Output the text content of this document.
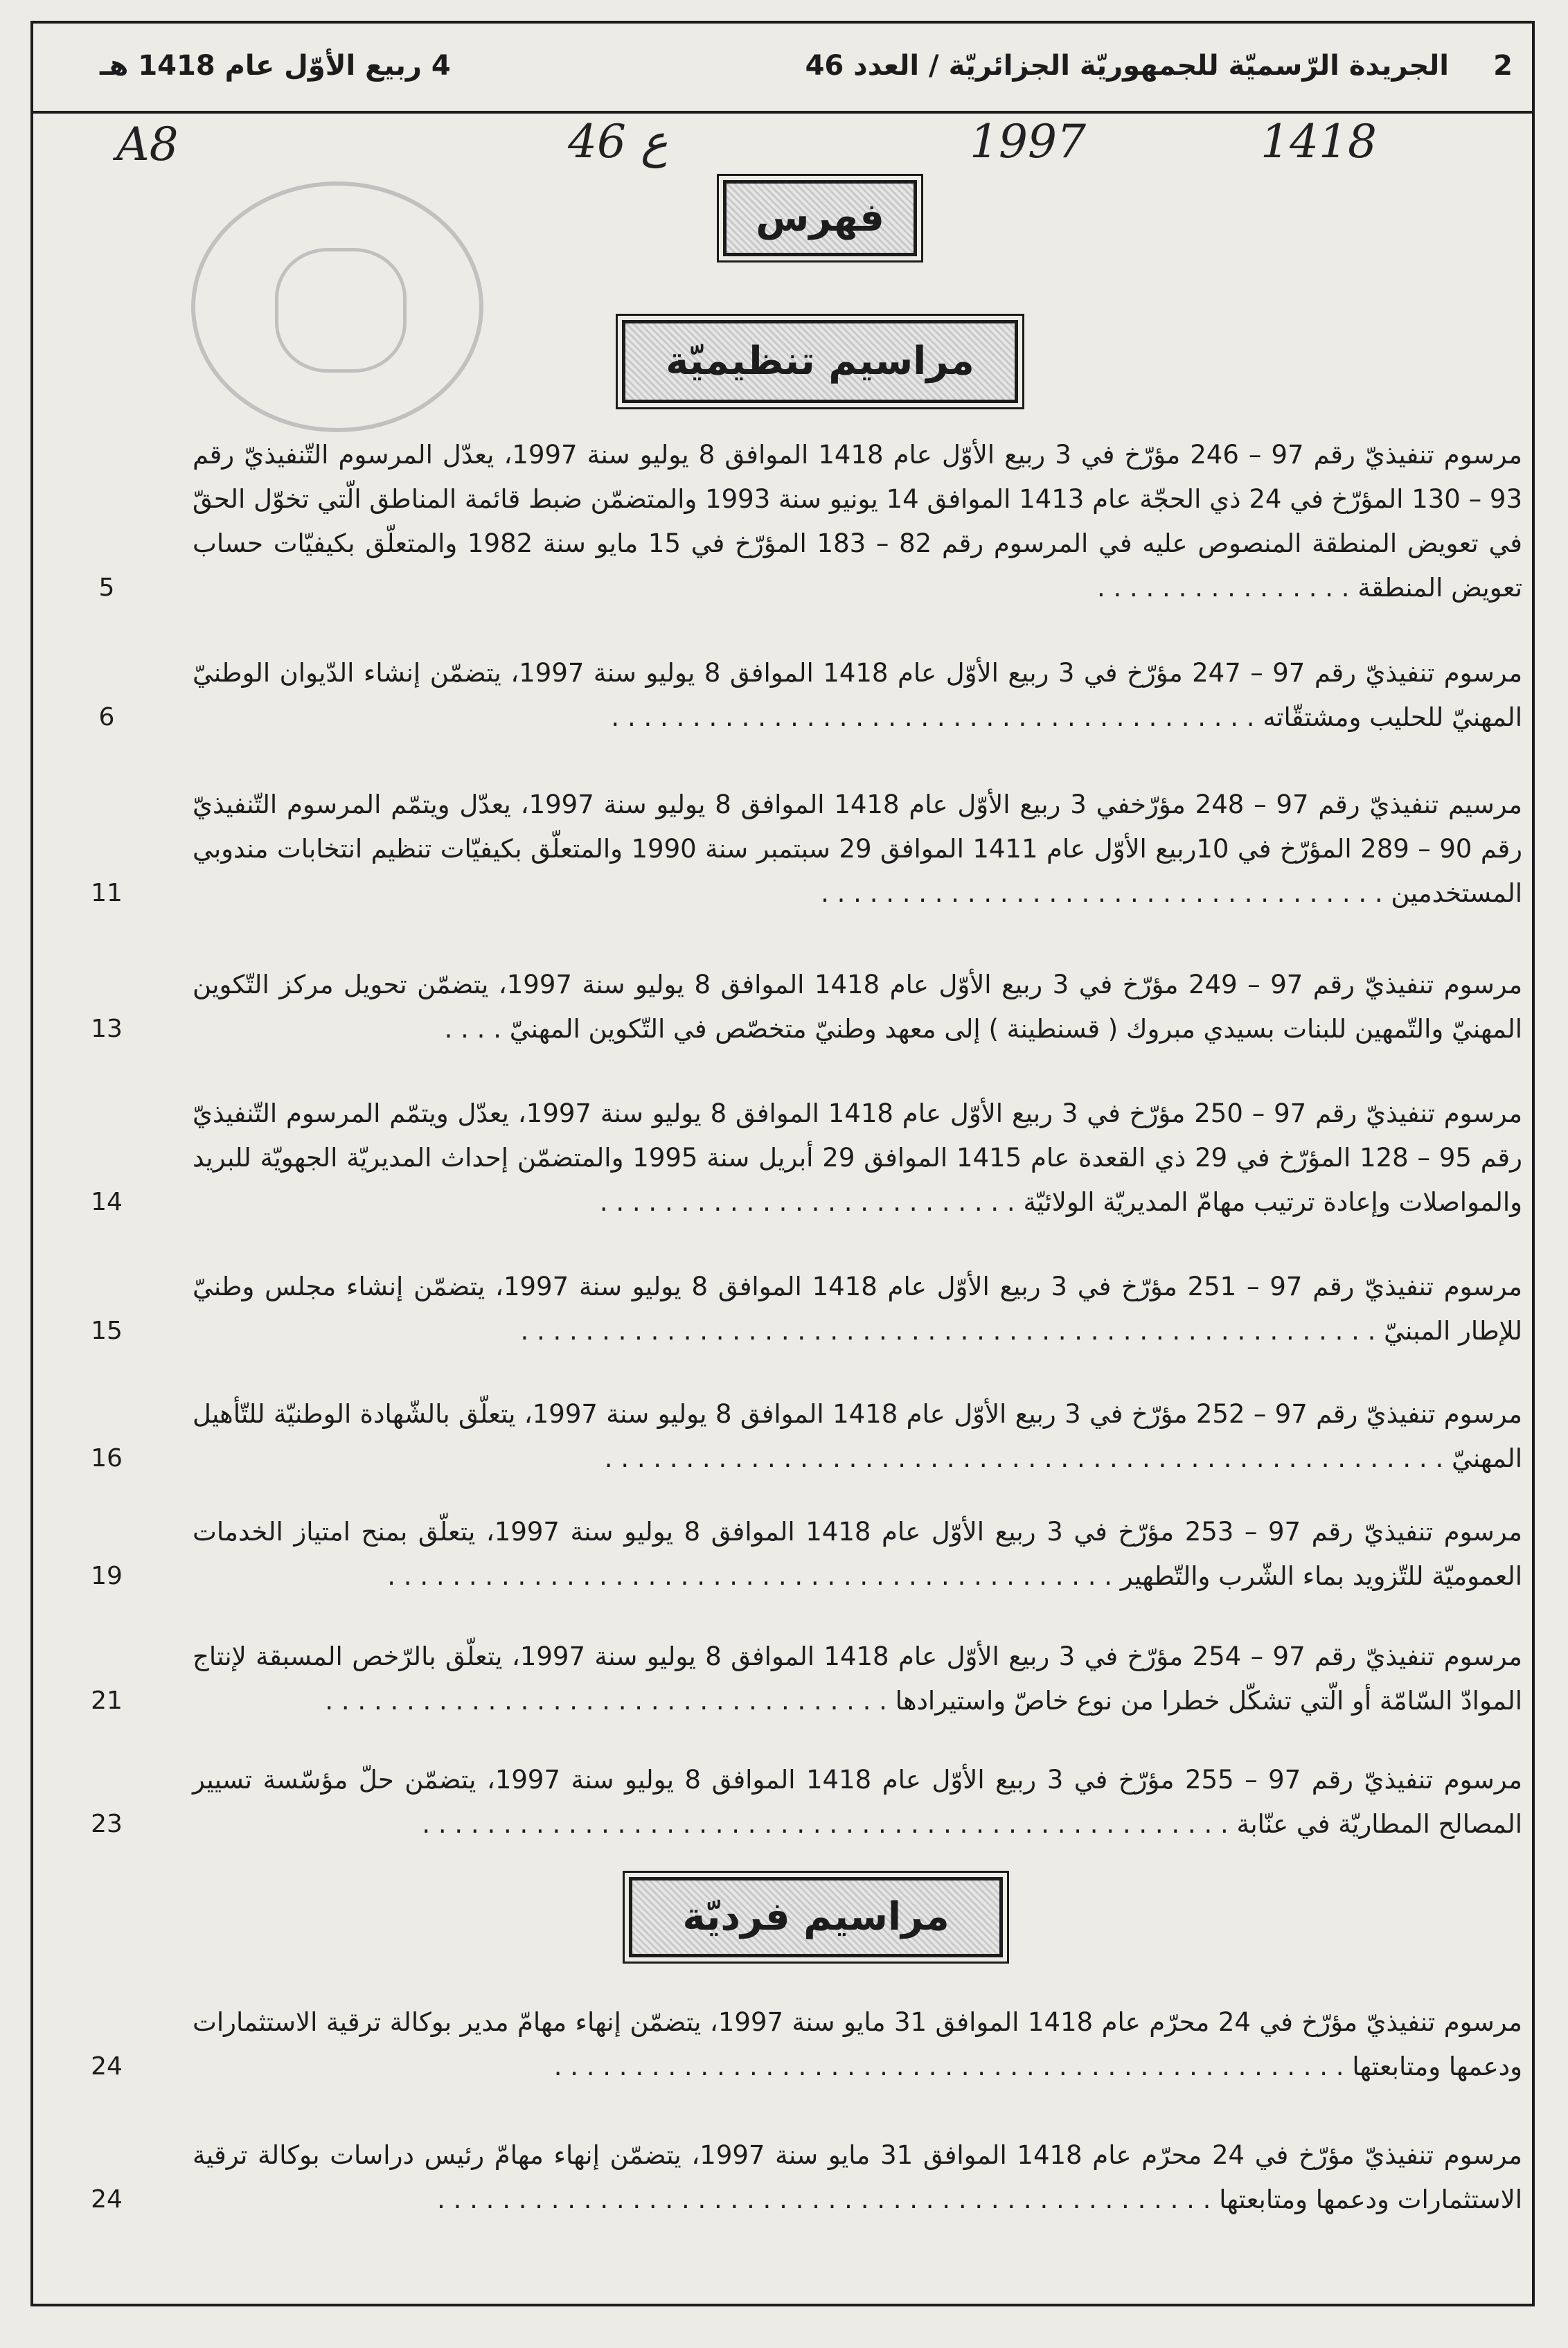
2
الجريدة الرّسميّة للجمهوريّة الجزائريّة / العدد 46
4 ربيع الأوّل عام 1418 هـ
A8	46 ع	1997	1418
فهرس
مراسيم تنظيميّة
مراسيم فرديّة
مرسوم تنفيذيّ رقم 97 – 246 مؤرّخ في 3 ربيع الأوّل عام 1418 الموافق 8 يوليو سنة 1997، يعدّل المرسوم التّنفيذيّ رقم 93 – 130 المؤرّخ في 24 ذي الحجّة عام 1413 الموافق 14 يونيو سنة 1993 والمتضمّن ضبط قائمة المناطق الّتي تخوّل الحقّ في تعويض المنطقة المنصوص عليه في المرسوم رقم 82 – 183 المؤرّخ في 15 مايو سنة 1982 والمتعلّق بكيفيّات حساب تعويض المنطقة . . . . . . . . . . . . . . . .
5
مرسوم تنفيذيّ رقم 97 – 247 مؤرّخ في 3 ربيع الأوّل عام 1418 الموافق 8 يوليو سنة 1997، يتضمّن إنشاء الدّيوان الوطنيّ المهنيّ للحليب ومشتقّاته . . . . . . . . . . . . . . . . . . . . . . . . . . . . . . . . . . . . . . . .
6
مرسيم تنفيذيّ رقم 97 – 248 مؤرّخفي 3 ربيع الأوّل عام 1418 الموافق 8 يوليو سنة 1997، يعدّل ويتمّم المرسوم التّنفيذيّ رقم 90 – 289 المؤرّخ في 10ربيع الأوّل عام 1411 الموافق 29 سبتمبر سنة 1990 والمتعلّق بكيفيّات تنظيم انتخابات مندوبي المستخدمين . . . . . . . . . . . . . . . . . . . . . . . . . . . . . . . . . . .
11
مرسوم تنفيذيّ رقم 97 – 249 مؤرّخ في 3 ربيع الأوّل عام 1418 الموافق 8 يوليو سنة 1997، يتضمّن تحويل مركز التّكوين المهنيّ والتّمهين للبنات بسيدي مبروك ( قسنطينة ) إلى معهد وطنيّ متخصّص في التّكوين المهنيّ . . . .
13
مرسوم تنفيذيّ رقم 97 – 250 مؤرّخ في 3 ربيع الأوّل عام 1418 الموافق 8 يوليو سنة 1997، يعدّل ويتمّم المرسوم التّنفيذيّ رقم 95 – 128 المؤرّخ في 29 ذي القعدة عام 1415 الموافق 29 أبريل سنة 1995 والمتضمّن إحداث المديريّة الجهويّة للبريد والمواصلات وإعادة ترتيب مهامّ المديريّة الولائيّة . . . . . . . . . . . . . . . . . . . . . . . . . .
14
مرسوم تنفيذيّ رقم 97 – 251 مؤرّخ في 3 ربيع الأوّل عام 1418 الموافق 8 يوليو سنة 1997، يتضمّن إنشاء مجلس وطنيّ للإطار المبنيّ . . . . . . . . . . . . . . . . . . . . . . . . . . . . . . . . . . . . . . . . . . . . . . . . . . . . .
15
مرسوم تنفيذيّ رقم 97 – 252 مؤرّخ في 3 ربيع الأوّل عام 1418 الموافق 8 يوليو سنة 1997، يتعلّق بالشّهادة الوطنيّة للتّأهيل المهنيّ . . . . . . . . . . . . . . . . . . . . . . . . . . . . . . . . . . . . . . . . . . . . . . . . . . . .
16
مرسوم تنفيذيّ رقم 97 – 253 مؤرّخ في 3 ربيع الأوّل عام 1418 الموافق 8 يوليو سنة 1997، يتعلّق بمنح امتياز الخدمات العموميّة للتّزويد بماء الشّرب والتّطهير . . . . . . . . . . . . . . . . . . . . . . . . . . . . . . . . . . . . . . . . . . . . .
19
مرسوم تنفيذيّ رقم 97 – 254 مؤرّخ في 3 ربيع الأوّل عام 1418 الموافق 8 يوليو سنة 1997، يتعلّق بالرّخص المسبقة لإنتاج الموادّ السّامّة أو الّتي تشكّل خطرا من نوع خاصّ واستيرادها . . . . . . . . . . . . . . . . . . . . . . . . . . . . . . . . . . .
21
مرسوم تنفيذيّ رقم 97 – 255 مؤرّخ في 3 ربيع الأوّل عام 1418 الموافق 8 يوليو سنة 1997، يتضمّن حلّ مؤسّسة تسيير المصالح المطاريّة في عنّابة . . . . . . . . . . . . . . . . . . . . . . . . . . . . . . . . . . . . . . . . . . . . . . . . . .
23
مرسوم تنفيذيّ مؤرّخ في 24 محرّم عام 1418 الموافق 31 مايو سنة 1997، يتضمّن إنهاء مهامّ مدير بوكالة ترقية الاستثمارات ودعمها ومتابعتها . . . . . . . . . . . . . . . . . . . . . . . . . . . . . . . . . . . . . . . . . . . . . . . . .
24
مرسوم تنفيذيّ مؤرّخ في 24 محرّم عام 1418 الموافق 31 مايو سنة 1997، يتضمّن إنهاء مهامّ رئيس دراسات بوكالة ترقية الاستثمارات ودعمها ومتابعتها . . . . . . . . . . . . . . . . . . . . . . . . . . . . . . . . . . . . . . . . . . . . . . . .
24
